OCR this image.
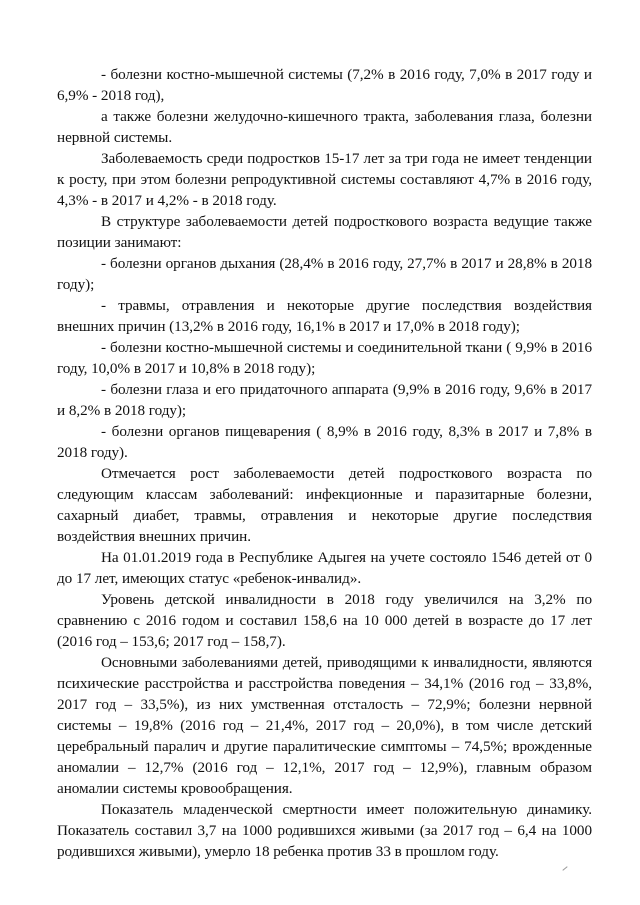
- болезни костно-мышечной системы (7,2% в 2016 году, 7,0% в 2017 году и 6,9% - 2018 год),

а также болезни желудочно-кишечного тракта, заболевания глаза, болезни нервной системы.

Заболеваемость среди подростков 15-17 лет за три года не имеет тенденции к росту, при этом болезни репродуктивной системы составляют 4,7% в 2016 году, 4,3% - в 2017 и 4,2% - в 2018 году.

В структуре заболеваемости детей подросткового возраста ведущие также позиции занимают:

- болезни органов дыхания (28,4% в 2016 году, 27,7% в 2017 и 28,8% в 2018 году);

- травмы, отравления и некоторые другие последствия воздействия внешних причин (13,2% в 2016 году, 16,1% в 2017 и 17,0% в 2018 году);

- болезни костно-мышечной системы и соединительной ткани ( 9,9% в 2016 году, 10,0% в 2017 и 10,8% в 2018 году);

- болезни глаза и его придаточного аппарата (9,9% в 2016 году, 9,6% в 2017 и 8,2% в 2018 году);

- болезни органов пищеварения ( 8,9% в 2016 году, 8,3% в 2017 и 7,8% в 2018 году).

Отмечается рост заболеваемости детей подросткового возраста по следующим классам заболеваний: инфекционные и паразитарные болезни, сахарный диабет, травмы, отравления и некоторые другие последствия воздействия внешних причин.

На 01.01.2019 года в Республике Адыгея на учете состояло 1546 детей от 0 до 17 лет, имеющих статус «ребенок-инвалид».

Уровень детской инвалидности в 2018 году увеличился на 3,2% по сравнению с 2016 годом и составил 158,6 на 10 000 детей в возрасте до 17 лет (2016 год – 153,6; 2017 год – 158,7).

Основными заболеваниями детей, приводящими к инвалидности, являются психические расстройства и расстройства поведения – 34,1% (2016 год – 33,8%, 2017 год – 33,5%), из них умственная отсталость – 72,9%; болезни нервной системы – 19,8% (2016 год – 21,4%, 2017 год – 20,0%), в том числе детский церебральный паралич и другие паралитические симптомы – 74,5%; врожденные аномалии – 12,7% (2016 год – 12,1%, 2017 год – 12,9%), главным образом аномалии системы кровообращения.

Показатель младенческой смертности имеет положительную динамику. Показатель составил 3,7 на 1000 родившихся живыми (за 2017 год – 6,4 на 1000 родившихся живыми), умерло 18 ребенка против 33 в прошлом году.
